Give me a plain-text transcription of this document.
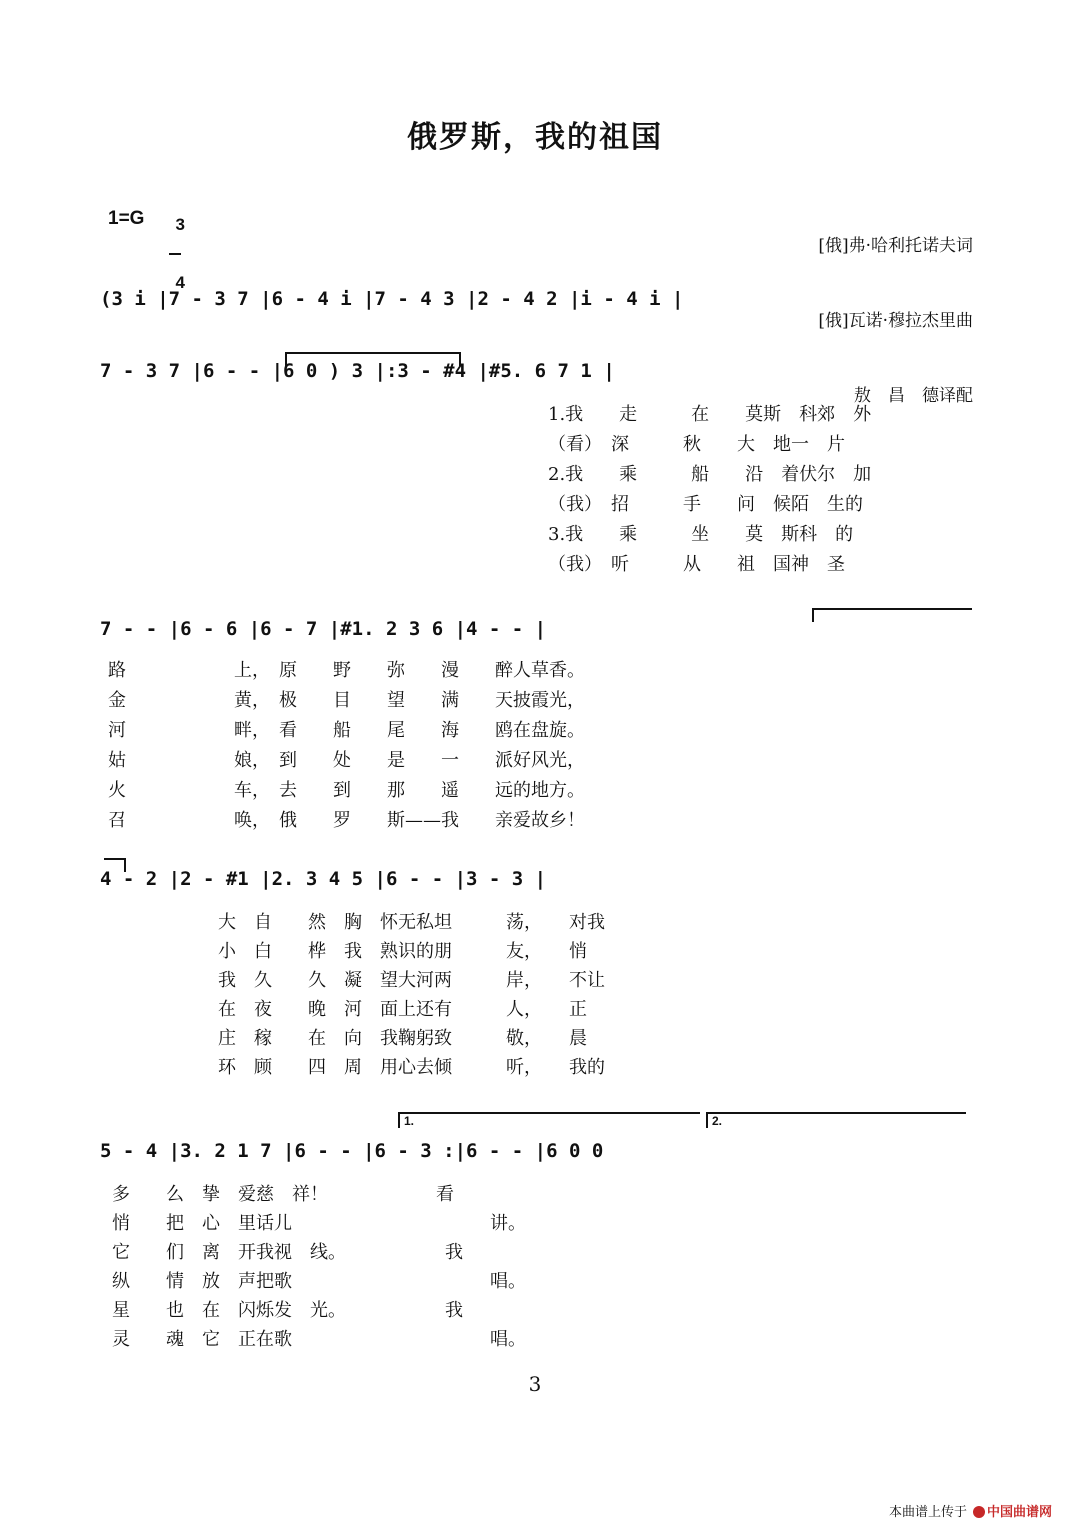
俄罗斯，我的祖国
1=G	3

4

[俄]弗·哈利托诺夫词

[俄]瓦诺·穆拉杰里曲

敖　昌　德译配

(3 i |7 - 3 7 |6 - 4 i |7 - 4 3 |2 - 4 2 |i - 4 i |
7 - 3 7 |6 - - |6 0 ) 3 |:3 - #4 |#5. 6 7 1 |
1.我　　走　　　在　　莫斯　科郊　外
（看）　深　　　秋　　大　地一　片
2.我　　乘　　　船　　沿　着伏尔　加
（我）　招　　　手　　问　候陌　生的
3.我　　乘　　　坐　　莫　斯科　的
（我）　听　　　从　　祖　国神　圣
7 - - |6 - 6 |6 - 7 |#1. 2 3 6 |4 - - |
路　　　　　　上，　原　　野　　弥　　漫　　醉人草香。
金　　　　　　黄，　极　　目　　望　　满　　天披霞光，
河　　　　　　畔，　看　　船　　尾　　海　　鸥在盘旋。
姑　　　　　　娘，　到　　处　　是　　一　　派好风光，
火　　　　　　车，　去　　到　　那　　遥　　远的地方。
召　　　　　　唤，　俄　　罗　　斯——我　　亲爱故乡！
4 - 2 |2 - #1 |2. 3 4 5 |6 - - |3 - 3 |
大　自　　然　胸　怀无私坦　　　荡，　　对我
小　白　　桦　我　熟识的朋　　　友，　　悄
我　久　　久　凝　望大河两　　　岸，　　不让
在　夜　　晚　河　面上还有　　　人，　　正
庄　稼　　在　向　我鞠躬致　　　敬，　　晨
环　顾　　四　周　用心去倾　　　听，　　我的
1.	2.
5 - 4 |3. 2 1 7 |6 - - |6 - 3 :|6 - - |6 0 0
多　　么　挚　爱慈　祥！　　　　　　看
悄　　把　心　里话儿　　　　　　　　　　　讲。
它　　们　离　开我视　线。　　　　　　我
纵　　情　放　声把歌　　　　　　　　　　　唱。
星　　也　在　闪烁发　光。　　　　　　我
灵　　魂　它　正在歌　　　　　　　　　　　唱。
3

本曲谱上传于 中国曲谱网
